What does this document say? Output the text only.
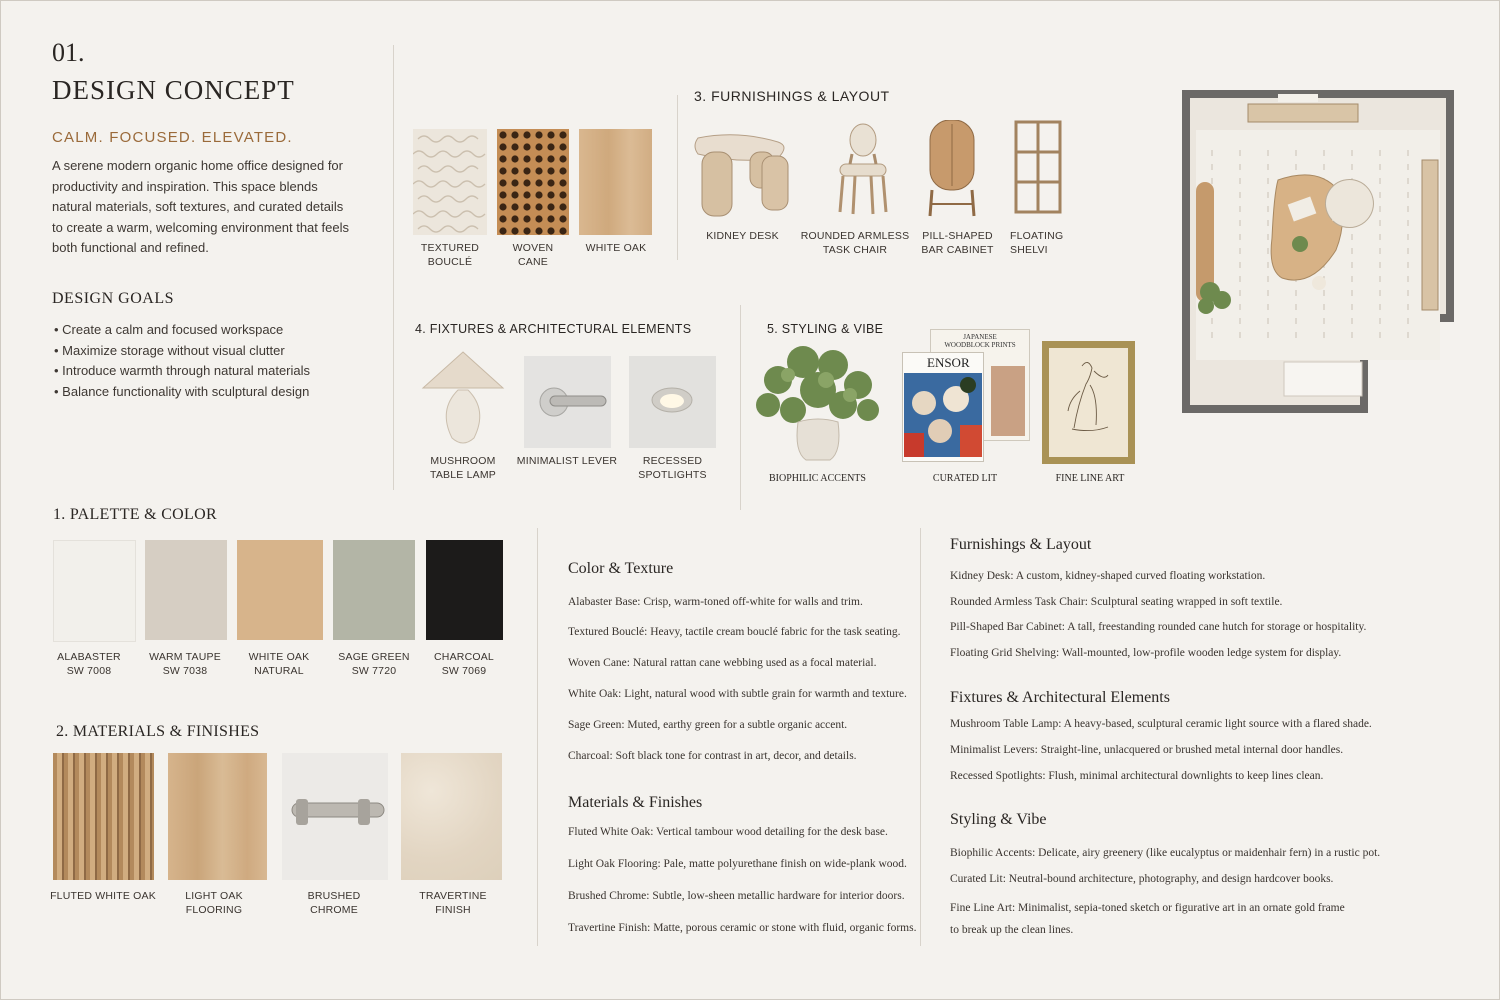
01.
DESIGN CONCEPT
CALM. FOCUSED. ELEVATED.
A serene modern organic home office designed for productivity and inspiration. This space blends natural materials, soft textures, and curated details to create a warm, welcoming environment that feels both functional and refined.
DESIGN GOALS
• Create a calm and focused workspace
• Maximize storage without visual clutter
• Introduce warmth through natural materials
• Balance functionality with sculptural design
TEXTURED
BOUCLÉ
WOVEN
CANE
WHITE OAK
3. FURNISHINGS & LAYOUT
KIDNEY DESK	ROUNDED ARMLESS
TASK CHAIR
PILL-SHAPED
BAR CABINET
FLOATING
SHELVI
4. FIXTURES & ARCHITECTURAL ELEMENTS
MUSHROOM
TABLE LAMP
MINIMALIST LEVER	RECESSED
SPOTLIGHTS
5. STYLING & VIBE
JAPANESE
WOODBLOCK PRINTS
ENSOR
BIOPHILIC ACCENTS	CURATED LIT	FINE LINE ART
1. PALETTE & COLOR
ALABASTER
SW 7008
WARM TAUPE
SW 7038
WHITE OAK
NATURAL
SAGE GREEN
SW 7720
CHARCOAL
SW 7069
2. MATERIALS & FINISHES
FLUTED WHITE OAK	LIGHT OAK
FLOORING
BRUSHED
CHROME
TRAVERTINE
FINISH
Color & Texture
Alabaster Base: Crisp, warm-toned off-white for walls and trim.
Textured Bouclé: Heavy, tactile cream bouclé fabric for the task seating.
Woven Cane: Natural rattan cane webbing used as a focal material.
White Oak: Light, natural wood with subtle grain for warmth and texture.
Sage Green: Muted, earthy green for a subtle organic accent.
Charcoal: Soft black tone for contrast in art, decor, and details.
Materials & Finishes
Fluted White Oak: Vertical tambour wood detailing for the desk base.
Light Oak Flooring: Pale, matte polyurethane finish on wide-plank wood.
Brushed Chrome: Subtle, low-sheen metallic hardware for interior doors.
Travertine Finish: Matte, porous ceramic or stone with fluid, organic forms.
Furnishings & Layout
Kidney Desk: A custom, kidney-shaped curved floating workstation.
Rounded Armless Task Chair: Sculptural seating wrapped in soft textile.
Pill-Shaped Bar Cabinet: A tall, freestanding rounded cane hutch for storage or hospitality.
Floating Grid Shelving: Wall-mounted, low-profile wooden ledge system for display.
Fixtures & Architectural Elements
Mushroom Table Lamp: A heavy-based, sculptural ceramic light source with a flared shade.
Minimalist Levers: Straight-line, unlacquered or brushed metal internal door handles.
Recessed Spotlights: Flush, minimal architectural downlights to keep lines clean.
Styling & Vibe
Biophilic Accents: Delicate, airy greenery (like eucalyptus or maidenhair fern) in a rustic pot.
Curated Lit: Neutral-bound architecture, photography, and design hardcover books.
Fine Line Art: Minimalist, sepia-toned sketch or figurative art in an ornate gold frame
to break up the clean lines.
